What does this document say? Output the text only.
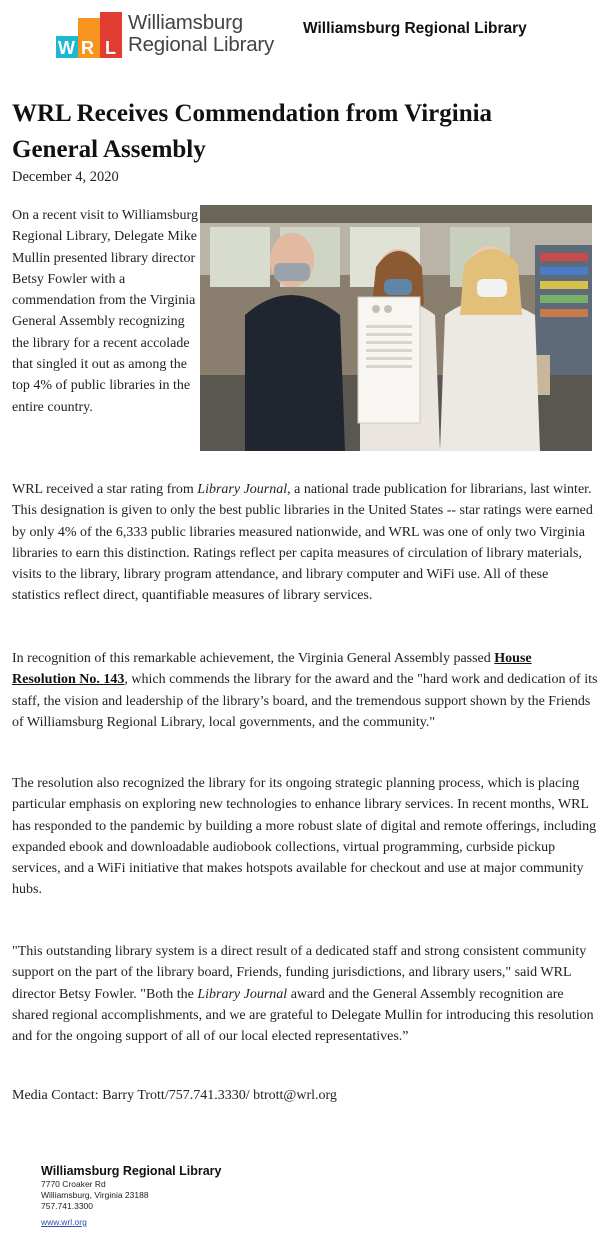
W R L
Williamsburg
Regional Library
Williamsburg Regional Library
WRL Receives Commendation from Virginia General Assembly
December 4, 2020
On a recent visit to Williamsburg Regional Library, Delegate Mike Mullin presented library director Betsy Fowler with a commendation from the Virginia General Assembly recognizing the library for a recent accolade that singled it out as among the top 4% of public libraries in the entire country.

WRL received a star rating from Library Journal, a national trade publication for librarians, last winter. This designation is given to only the best public libraries in the United States -- star ratings were earned by only 4% of the 6,333 public libraries measured nationwide, and WRL was one of only two Virginia libraries to earn this distinction. Ratings reflect per capita measures of circulation of library materials, visits to the library, library program attendance, and library computer and WiFi use. All of these statistics reflect direct, quantifiable measures of library services.

In recognition of this remarkable achievement, the Virginia General Assembly passed House Resolution No. 143, which commends the library for the award and the "hard work and dedication of its staff, the vision and leadership of the library’s board, and the tremendous support shown by the Friends of Williamsburg Regional Library, local governments, and the community."

The resolution also recognized the library for its ongoing strategic planning process, which is placing particular emphasis on exploring new technologies to enhance library services. In recent months, WRL has responded to the pandemic by building a more robust slate of digital and remote offerings, including expanded ebook and downloadable audiobook collections, virtual programming, curbside pickup services, and a WiFi initiative that makes hotspots available for checkout and use at major community hubs.

"This outstanding library system is a direct result of a dedicated staff and strong consistent community support on the part of the library board, Friends, funding jurisdictions, and library users," said WRL director Betsy Fowler. "Both the Library Journal award and the General Assembly recognition are shared regional accomplishments, and we are grateful to Delegate Mullin for introducing this resolution and for the ongoing support of all of our local elected representatives.”

Media Contact: Barry Trott/757.741.3330/ btrott@wrl.org

Williamsburg Regional Library
7770 Croaker Rd
Williamsburg, Virginia 23188
757.741.3300
www.wrl.org
